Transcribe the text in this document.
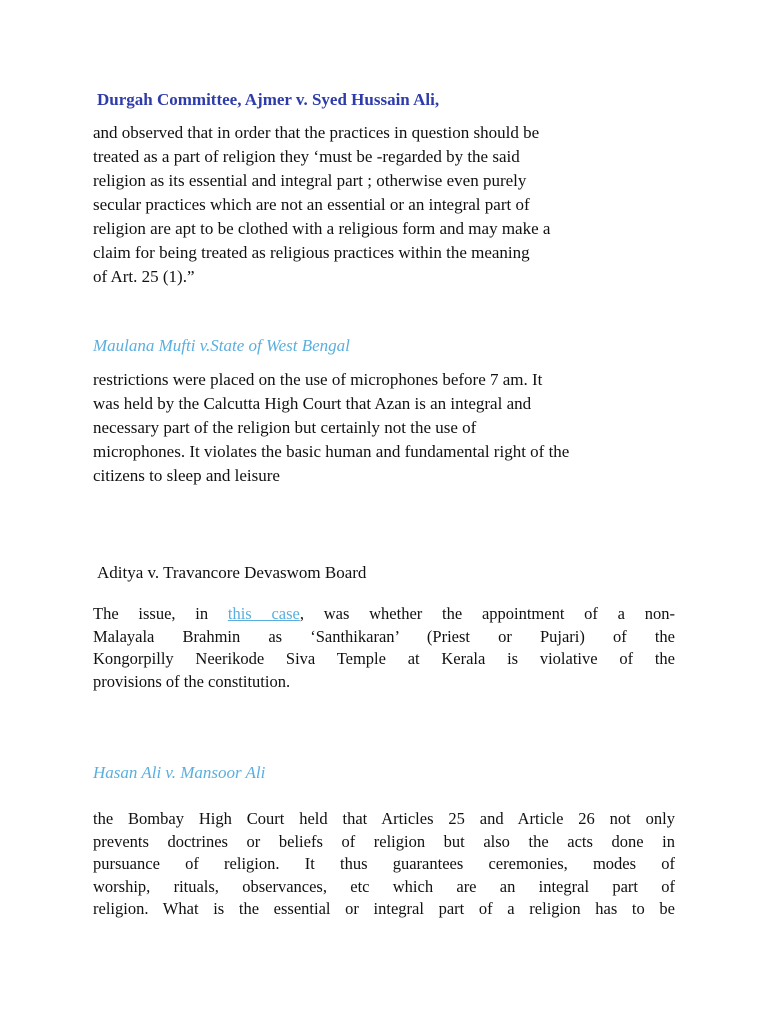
Durgah Committee, Ajmer v. Syed Hussain Ali,
and observed that in order that the practices in question should be
treated as a part of religion they ‘must be -regarded by the said
religion as its essential and integral part ; otherwise even purely
secular practices which are not an essential or an integral part of
religion are apt to be clothed with a religious form and may make a
claim for being treated as religious practices within the meaning
of Art. 25 (1).”
Maulana Mufti v.State of West Bengal
restrictions were placed on the use of microphones before 7 am. It
was held by the Calcutta High Court that Azan is an integral and
necessary part of the religion but certainly not the use of
microphones. It violates the basic human and fundamental right of the
citizens to sleep and leisure
Aditya v. Travancore Devaswom Board
The issue, in this case, was whether the appointment of a non-
Malayala Brahmin as ‘Santhikaran’ (Priest or Pujari) of the
Kongorpilly Neerikode Siva Temple at Kerala is violative of the
provisions of the constitution.
Hasan Ali v. Mansoor Ali
the Bombay High Court held that Articles 25 and Article 26 not only
prevents doctrines or beliefs of religion but also the acts done in
pursuance of religion. It thus guarantees ceremonies, modes of
worship, rituals, observances, etc which are an integral part of
religion. What is the essential or integral part of a religion has to be
